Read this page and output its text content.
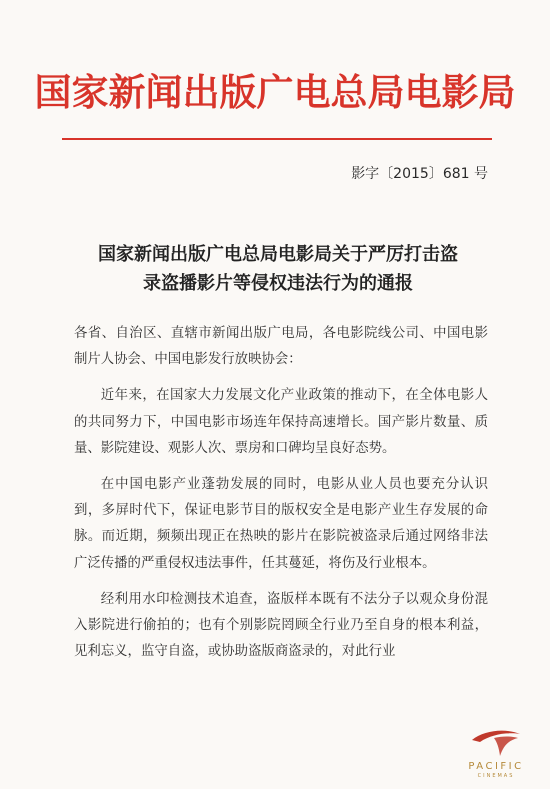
国家新闻出版广电总局电影局
影字〔2015〕681 号
国家新闻出版广电总局电影局关于严厉打击盗
录盗播影片等侵权违法行为的通报

各省、自治区、直辖市新闻出版广电局，各电影院线公司、中国电影制片人协会、中国电影发行放映协会：

近年来，在国家大力发展文化产业政策的推动下，在全体电影人的共同努力下，中国电影市场连年保持高速增长。国产影片数量、质量、影院建设、观影人次、票房和口碑均呈良好态势。

在中国电影产业蓬勃发展的同时，电影从业人员也要充分认识到，多屏时代下，保证电影节目的版权安全是电影产业生存发展的命脉。而近期，频频出现正在热映的影片在影院被盗录后通过网络非法广泛传播的严重侵权违法事件，任其蔓延，将伤及行业根本。

经利用水印检测技术追查，盗版样本既有不法分子以观众身份混入影院进行偷拍的；也有个别影院罔顾全行业乃至自身的根本利益，见利忘义，监守自盗，或协助盗版商盗录的，对此行业

PACIFIC
CINEMAS
